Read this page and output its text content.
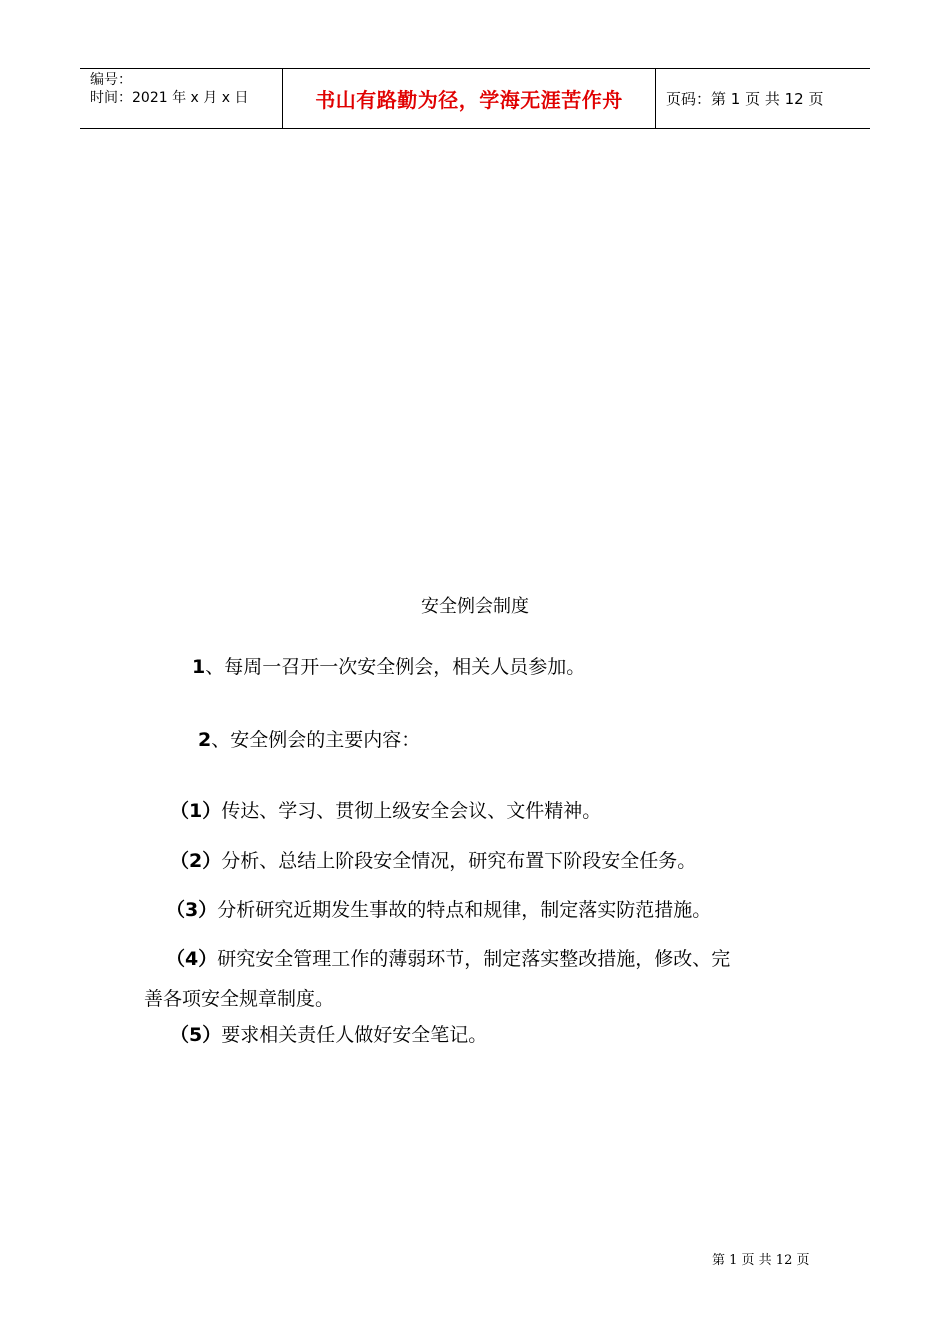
编号：
时间：2021 年 x 月 x 日	书山有路勤为径，学海无涯苦作舟	页码：第 1 页 共 12 页
安全例会制度
1、每周一召开一次安全例会，相关人员参加。
2、安全例会的主要内容：
（1）传达、学习、贯彻上级安全会议、文件精神。
（2）分析、总结上阶段安全情况，研究布置下阶段安全任务。
（3）分析研究近期发生事故的特点和规律，制定落实防范措施。
（4）研究安全管理工作的薄弱环节，制定落实整改措施，修改、完
善各项安全规章制度。
（5）要求相关责任人做好安全笔记。
第 1 页 共 12 页
